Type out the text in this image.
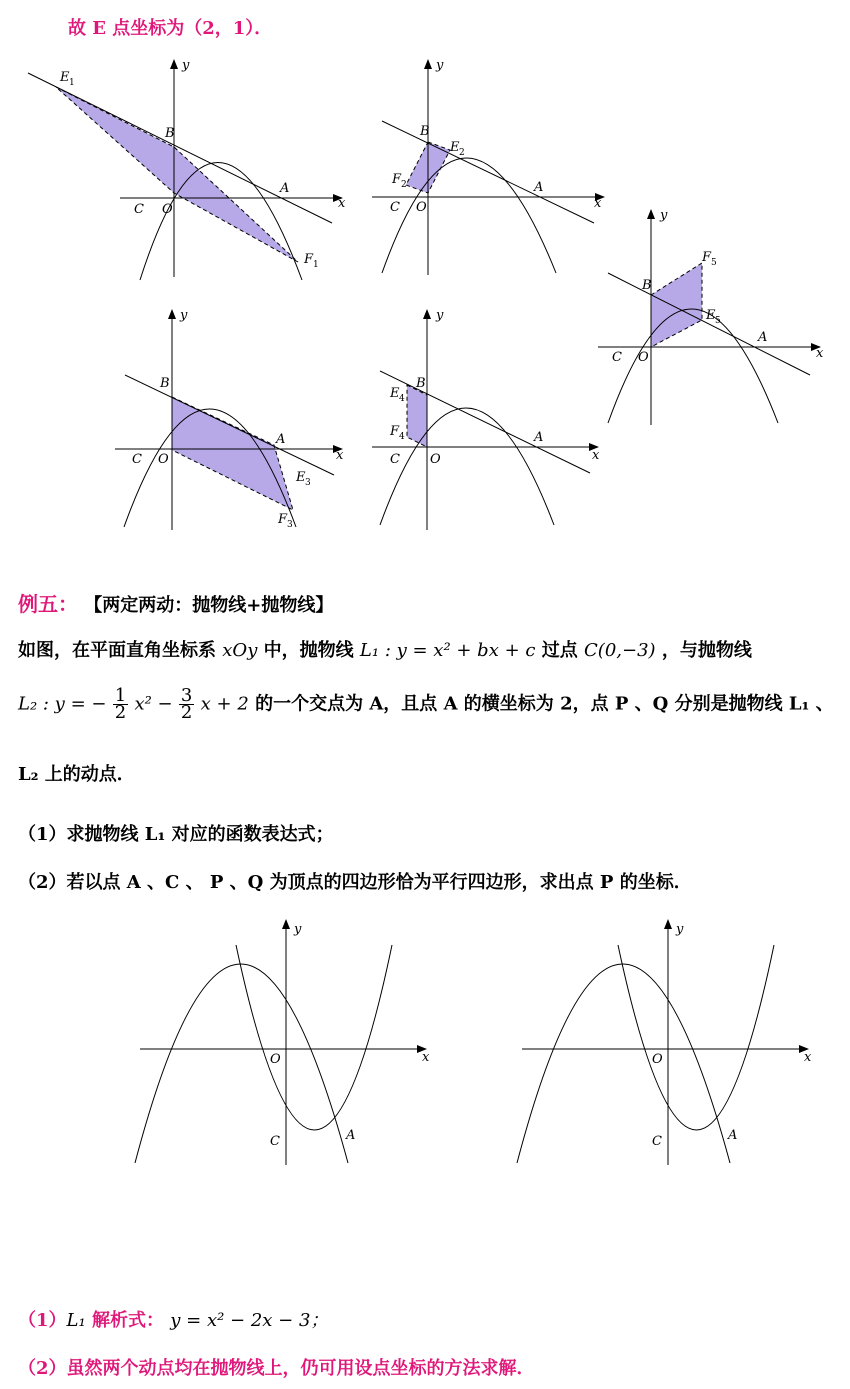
故 E 点坐标为（2，1）．
E 1
B
A
C O	x
y
F 1
B
E 2
F 2	A
C O	x
y
B
F 5
E 5
A
C O	x
y
B
A
C O
E 3
F 3
x
y
B
E 4
F 4	A
C O	x
y
例五： 【两定两动：抛物线+抛物线】
如图，在平面直角坐标系 xOy 中，抛物线 L₁ : y = x² + bx + c 过点 C(0,−3) ，与抛物线
L₂ : y = − $\frac{1}{2} x^2 - \frac{3}{2}$ x + 2 的一个交点为 A，且点 A 的横坐标为 2，点 P 、Q 分别是抛物线 L₁ 、
L₂ 上的动点．
（1）求抛物线 L₁ 对应的函数表达式；
（2）若以点 A 、C 、 P 、Q 为顶点的四边形恰为平行四边形，求出点 P 的坐标．
O
C	A
x
y
O
C	A
x
y
（1）L₁ 解析式： y = x² − 2x − 3；
（2）虽然两个动点均在抛物线上，仍可用设点坐标的方法求解．
